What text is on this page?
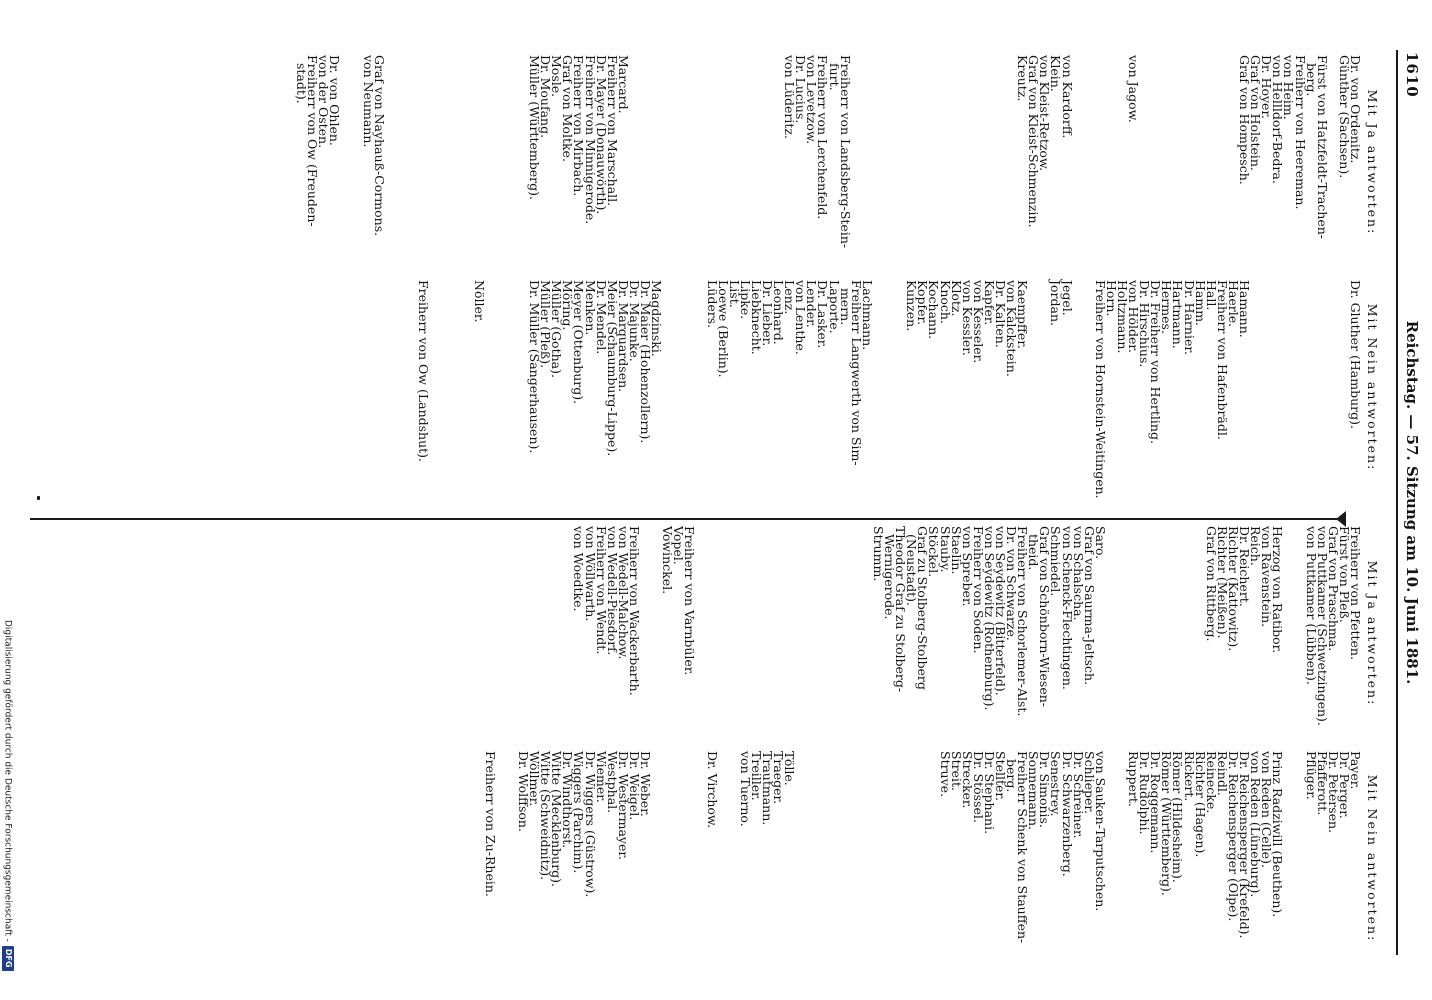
1610
Reichstag. — 57. Sitzung am 10. Juni 1881.
Mit Ja antworten:
Dr. von Ordenitz.
Günther (Sachsen).

Fürst von Hatzfeldt-Trachen-
berg.
Freiherr von Heereman.
von Heim.
von Hellldorf-Bedra.
Dr. Hoyer.
Graf von Holstein.
Graf von Hompesch.

von Jagow.

von Kardorff.
Klein.
von Kleist-Retzow.
Graf von Kleist-Schmenzin.
Kreutz.

Freiherr von Landsberg-Stein-
furt.
Freiherr von Lerchenfeld.
von Levetzow.
Dr. Lucius.
von Lüderitz.

Marcard.
Freiherr von Marschall.
Dr. Mayer (Donauwörth).
Freiherr von Minnigerode.
Freiherr von Mirbach.
Graf von Moltke.
Mosle.
Dr. Moufang.
Müller (Württemberg).

Graf von Nayhauß-Cormons.
von Neumann.

Dr. von Ohlen.
von der Osten.
Freiherr von Ow (Freuden-
stadt).
Mit Nein antworten:
Dr. Gluther (Hamburg).

Hamann.
Haerle.
Freiherr von Hafenbrädl.
Hall.
Hamm.
Dr. Harnier.
Hartmann.
Hermes.
Dr. Freiherr von Hertling.
Dr. Hirschius.
von Hölder.
Holtzmann.
Horn.
Freiherr von Hornstein-Weitingen.

Jegel.
Jordan.

Kaempffer.
von Kalckstein.
Dr. Kalten.
Kapfer.
von Kesseler.
von Kessler.
Klotz.
Knoch.
Kochann.
Kopfer.
Kunzen.

Lachmann.
Freiherr Langwerth von Sim-
mern.
Laporte.
Dr. Lasker.
Lender.
von Lenthe.
Lenz.
Leonhard.
Dr. Lieber.
Liebknecht.
Lipke.
List.
Loewe (Berlin).
Lüders.

Magdzinski.
Dr. Maier (Hohenzollern).
Dr. Majunke.
Dr. Marquardsen.
Meier (Schaumburg-Lippe).
Dr. Mendel.
Menken.
Meyer (Ottenburg).
Möring.
Müller (Gotha).
Müller (Pleß).
Dr. Müller (Sangerhausen).

Nöller.

Freiherr von Ow (Landshut).
Mit Ja antworten:
Freiherr von Pfetten.
Fürst von Pleß.
Graf von Praschma.
von Puttkamer (Schwetzingen).
von Puttkamer (Lübben).

Herzog von Ratibor.
von Ravenstein.
Reich.
Dr. Reichert.
Richter (Kattowitz).
Richter (Meißen).
Graf von Rittberg.

Saro.
Graf von Saurma-Jeltsch.
von Schalscha.
von Schenck-Flechtingen.
Schmiedel.
Graf von Schönborn-Wiesen-
theid.
Freiherr von Schorlemer-Alst.
Dr. von Schwarze.
von Seydewitz (Bitterfeld).
von Seydewitz (Rothenburg).
Freiherr von Soden.
von Spreber.
Staelin.
Stauby.
Stöckel.
Graf zu Stolberg-Stolberg
(Neustadt).
Theodor Graf zu Stolberg-
Wernigerode.
Strumm.

Freiherr von Varnbüler.
Vopel.
Vowinckel.

Freiherr von Wackerbarth.
von Wedell-Malchow.
von Wedell-Piesdorf.
Freiherr von Wendt.
von Wöllwarth.
von Woedtke.
Mit Nein antworten:
Payer.
Dr. Perger.
Dr. Petersen.
Pfafferott.
Pflüger.

Prinz Radziwill (Beuthen).
von Reden (Celle).
von Reden (Lüneburg).
Dr. Reichensperger (Krefeld).
Dr. Reichensperger (Olpe).
Reindl.
Reinecke.
Richter (Hagen).
Rickert.
Römer (Hildesheim).
Römer (Württemberg).
Dr. Roggemann.
Dr. Rudolphi.
Ruppert.

von Sauken-Tarputschen.
Schlieper.
Dr. Schreiner.
Dr. Schwarzenberg.
Senestrey.
Dr. Simonis.
Sonnemann.
Freiherr Schenk von Stauffen-
berg.
Stellter.
Dr. Stephani.
Dr. Stössel.
Strecker.
Streit.
Struve.

Tölle.
Traeger.
Trautmann.
Treiller.
von Tuerno.

Dr. Virchow.

Dr. Weber.
Dr. Weigel.
Dr. Westermayer.
Westphal.
Wiemer.
Dr. Wiggers (Güstrow).
Wiggers (Parchim).
Dr. Windthorst.
Witte (Mecklenburg).
Witte (Schweidnitz).
Wöllmer.
Dr. Wolffson.

Freiherr von Zu-Rhein.
Digitalisierung gefördert durch die Deutsche Forschungsgemeinschaft -DFG
